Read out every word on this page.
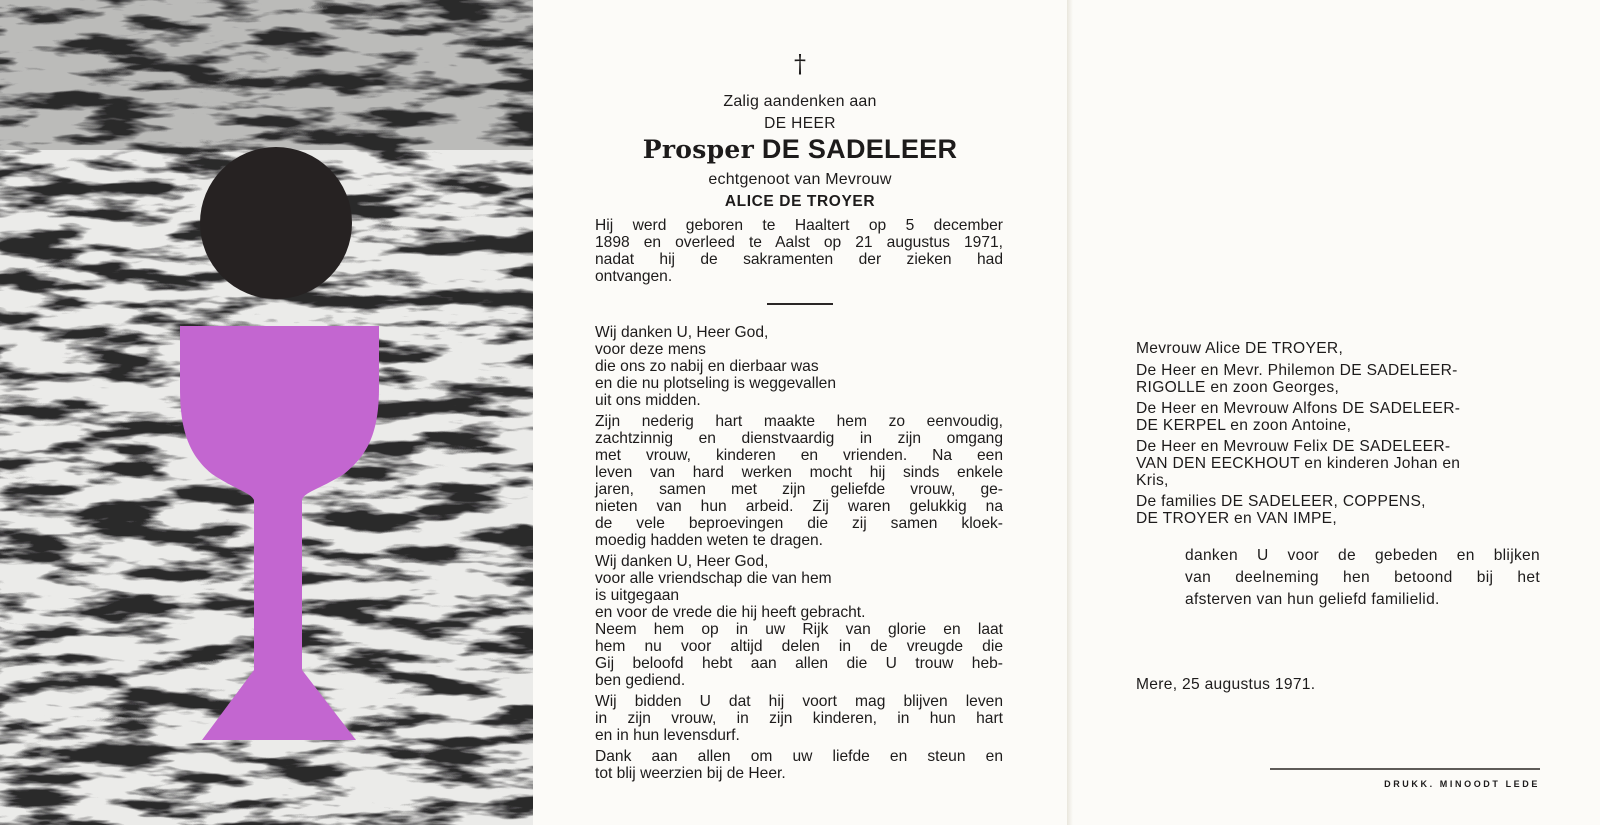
†
Zalig aandenken aan
DE HEER
Prosper DE SADELEER
echtgenoot van Mevrouw
ALICE DE TROYER
Hij werd geboren te Haaltert op 5 december
1898 en overleed te Aalst op 21 augustus 1971,
nadat hij de sakramenten der zieken had
ontvangen.
Wij danken U, Heer God,
voor deze mens
die ons zo nabij en dierbaar was
en die nu plotseling is weggevallen
uit ons midden.
Zijn nederig hart maakte hem zo eenvoudig,
zachtzinnig en dienstvaardig in zijn omgang
met vrouw, kinderen en vrienden. Na een
leven van hard werken mocht hij sinds enkele
jaren, samen met zijn geliefde vrouw, ge-
nieten van hun arbeid. Zij waren gelukkig na
de vele beproevingen die zij samen kloek-
moedig hadden weten te dragen.
Wij danken U, Heer God,
voor alle vriendschap die van hem
is uitgegaan
en voor de vrede die hij heeft gebracht.
Neem hem op in uw Rijk van glorie en laat
hem nu voor altijd delen in de vreugde die
Gij beloofd hebt aan allen die U trouw heb-
ben gediend.
Wij bidden U dat hij voort mag blijven leven
in zijn vrouw, in zijn kinderen, in hun hart
en in hun levensdurf.
Dank aan allen om uw liefde en steun en
tot blij weerzien bij de Heer.
Mevrouw Alice DE TROYER,
De Heer en Mevr. Philemon DE SADELEER-
RIGOLLE en zoon Georges,
De Heer en Mevrouw Alfons DE SADELEER-
DE KERPEL en zoon Antoine,
De Heer en Mevrouw Felix DE SADELEER-
VAN DEN EECKHOUT en kinderen Johan en
Kris,
De families DE SADELEER, COPPENS,
DE TROYER en VAN IMPE,
danken U voor de gebeden en blijken
van deelneming hen betoond bij het
afsterven van hun geliefd familielid.
Mere, 25 augustus 1971.
DRUKK. MINOODT LEDE
